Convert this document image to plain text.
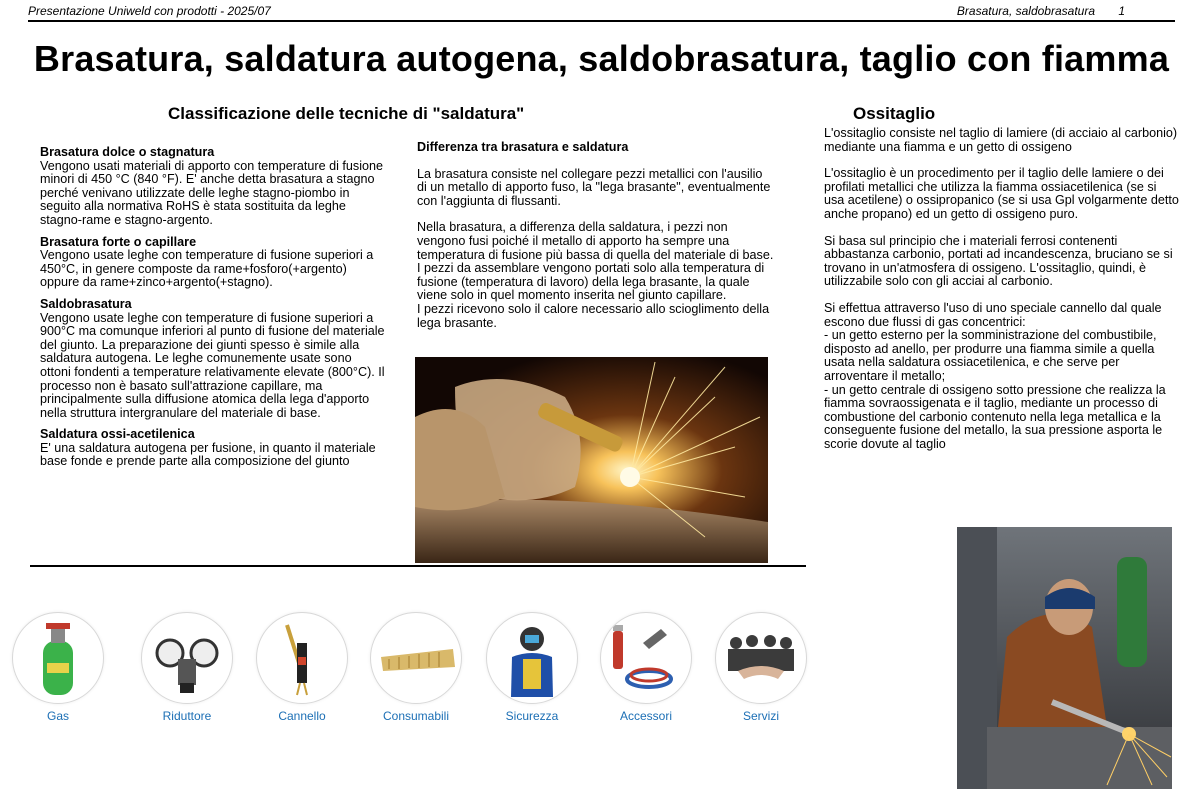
Presentazione Uniweld con prodotti - 2025/07	Brasatura, saldobrasatura 1
Brasatura, saldatura autogena, saldobrasatura, taglio con fiamma
Classificazione delle tecniche di "saldatura"
Brasatura dolce o stagnatura
Vengono usati materiali di apporto con temperature di fusione minori di 450 °C (840 °F). E' anche detta brasatura a stagno perché venivano utilizzate delle leghe stagno-piombo in seguito alla normativa RoHS è stata sostituita da leghe stagno-rame e stagno-argento.
Brasatura forte o capillare
Vengono usate leghe con temperature di fusione superiori a 450°C, in genere composte da rame+fosforo(+argento) oppure da rame+zinco+argento(+stagno).
Saldobrasatura
Vengono usate leghe con temperature di fusione superiori a 900°C ma comunque inferiori al punto di fusione del materiale del giunto. La preparazione dei giunti spesso è simile alla saldatura autogena. Le leghe comunemente usate sono ottoni fondenti a temperature relativamente elevate (800°C). Il processo non è basato sull'attrazione capillare, ma principalmente sulla diffusione atomica della lega d'apporto nella struttura intergranulare del materiale di base.
Saldatura ossi-acetilenica
E' una saldatura autogena per fusione, in quanto il materiale base fonde e prende parte alla composizione del giunto
Differenza tra brasatura e saldatura

La brasatura consiste nel collegare pezzi metallici con l'ausilio di un metallo di apporto fuso, la "lega brasante", eventualmente con l'aggiunta di flussanti.

Nella brasatura, a differenza della saldatura, i pezzi non vengono fusi poiché il metallo di apporto ha sempre una temperatura di fusione più bassa di quella del materiale di base. I pezzi da assemblare vengono portati solo alla temperatura di fusione (temperatura di lavoro) della lega brasante, la quale viene solo in quel momento inserita nel giunto capillare.

I pezzi ricevono solo il calore necessario allo scioglimento della lega brasante.

Ossitaglio

L'ossitaglio consiste nel taglio di lamiere (di acciaio al carbonio) mediante una fiamma e un getto di ossigeno

L'ossitaglio è un procedimento per il taglio delle lamiere o dei profilati metallici che utilizza la fiamma ossiacetilenica (se si usa acetilene) o ossipropanico (se si usa Gpl volgarmente detto anche propano) ed un getto di ossigeno puro.

Si basa sul principio che i materiali ferrosi contenenti abbastanza carbonio, portati ad incandescenza, bruciano se si trovano in un'atmosfera di ossigeno. L'ossitaglio, quindi, è utilizzabile solo con gli acciai al carbonio.

Si effettua attraverso l'uso di uno speciale cannello dal quale escono due flussi di gas concentrici:

- un getto esterno per la somministrazione del combustibile, disposto ad anello, per produrre una fiamma simile a quella usata nella saldatura ossiacetilenica, e che serve per arroventare il metallo;

- un getto centrale di ossigeno sotto pressione che realizza la fiamma sovraossigenata e il taglio, mediante un processo di combustione del carbonio contenuto nella lega metallica e la conseguente fusione del metallo, la sua pressione asporta le scorie dovute al taglio

Gas	Riduttore	Cannello	Consumabili	Sicurezza	Accessori	Servizi
